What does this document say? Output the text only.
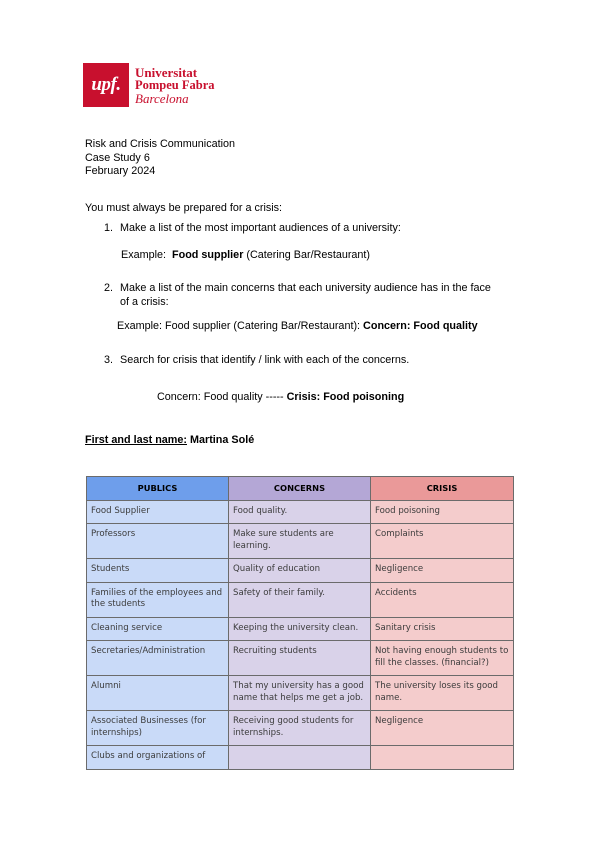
upf.
Universitat
Pompeu Fabra
Barcelona
Risk and Crisis Communication
Case Study 6
February 2024
You must always be prepared for a crisis:
1. Make a list of the most important audiences of a university:
Example: Food supplier (Catering Bar/Restaurant)
2. Make a list of the main concerns that each university audience has in the face
of a crisis:
Example: Food supplier (Catering Bar/Restaurant): Concern: Food quality
3. Search for crisis that identify / link with each of the concerns.
Concern: Food quality ----- Crisis: Food poisoning
First and last name: Martina Solé
PUBLICS	CONCERNS	CRISIS
Food Supplier	Food quality.	Food poisoning
Professors	Make sure students are learning.	Complaints
Students	Quality of education	Negligence
Families of the employees and the students	Safety of their family.	Accidents
Cleaning service	Keeping the university clean.	Sanitary crisis
Secretaries/Administration	Recruiting students	Not having enough students to fill the classes. (financial?)
Alumni	That my university has a good name that helps me get a job.	The university loses its good name.
Associated Businesses (for internships)	Receiving good students for internships.	Negligence
Clubs and organizations of		
